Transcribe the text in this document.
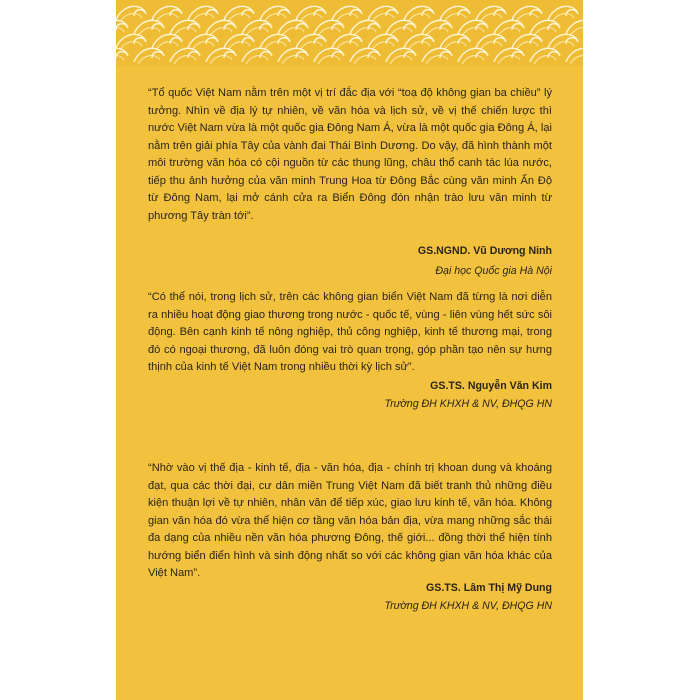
“Tổ quốc Việt Nam nằm trên một vị trí đắc địa với “toạ độ không gian ba chiều” lý tưởng. Nhìn về địa lý tự nhiên, về văn hóa và lịch sử, về vị thế chiến lược thì nước Việt Nam vừa là một quốc gia Đông Nam Á, vừa là một quốc gia Đông Á, lại nằm trên giải phía Tây của vành đai Thái Bình Dương. Do vậy, đã hình thành một môi trường văn hóa có cội nguồn từ các thung lũng, châu thổ canh tác lúa nước, tiếp thu ảnh hưởng của văn minh Trung Hoa từ Đông Bắc cùng văn minh Ấn Độ từ Đông Nam, lại mở cánh cửa ra Biển Đông đón nhận trào lưu văn minh từ phương Tây tràn tới”.

GS.NGND. Vũ Dương Ninh

Đại học Quốc gia Hà Nội

“Có thể nói, trong lịch sử, trên các không gian biển Việt Nam đã từng là nơi diễn ra nhiều hoạt động giao thương trong nước - quốc tế, vùng - liên vùng hết sức sôi động. Bên cạnh kinh tế nông nghiệp, thủ công nghiệp, kinh tế thương mại, trong đó có ngoại thương, đã luôn đóng vai trò quan trọng, góp phần tạo nên sự hưng thịnh của kinh tế Việt Nam trong nhiều thời kỳ lịch sử”.

GS.TS. Nguyễn Văn Kim

Trường ĐH KHXH & NV, ĐHQG HN

“Nhờ vào vị thế địa - kinh tế, địa - văn hóa, địa - chính trị khoan dung và khoáng đạt, qua các thời đại, cư dân miền Trung Việt Nam đã biết tranh thủ những điều kiện thuận lợi về tự nhiên, nhân văn để tiếp xúc, giao lưu kinh tế, văn hóa. Không gian văn hóa đó vừa thể hiện cơ tầng văn hóa bản địa, vừa mang những sắc thái đa dạng của nhiều nền văn hóa phương Đông, thế giới... đồng thời thể hiện tính hướng biển điển hình và sinh động nhất so với các không gian văn hóa khác của Việt Nam”.

GS.TS. Lâm Thị Mỹ Dung

Trường ĐH KHXH & NV, ĐHQG HN
